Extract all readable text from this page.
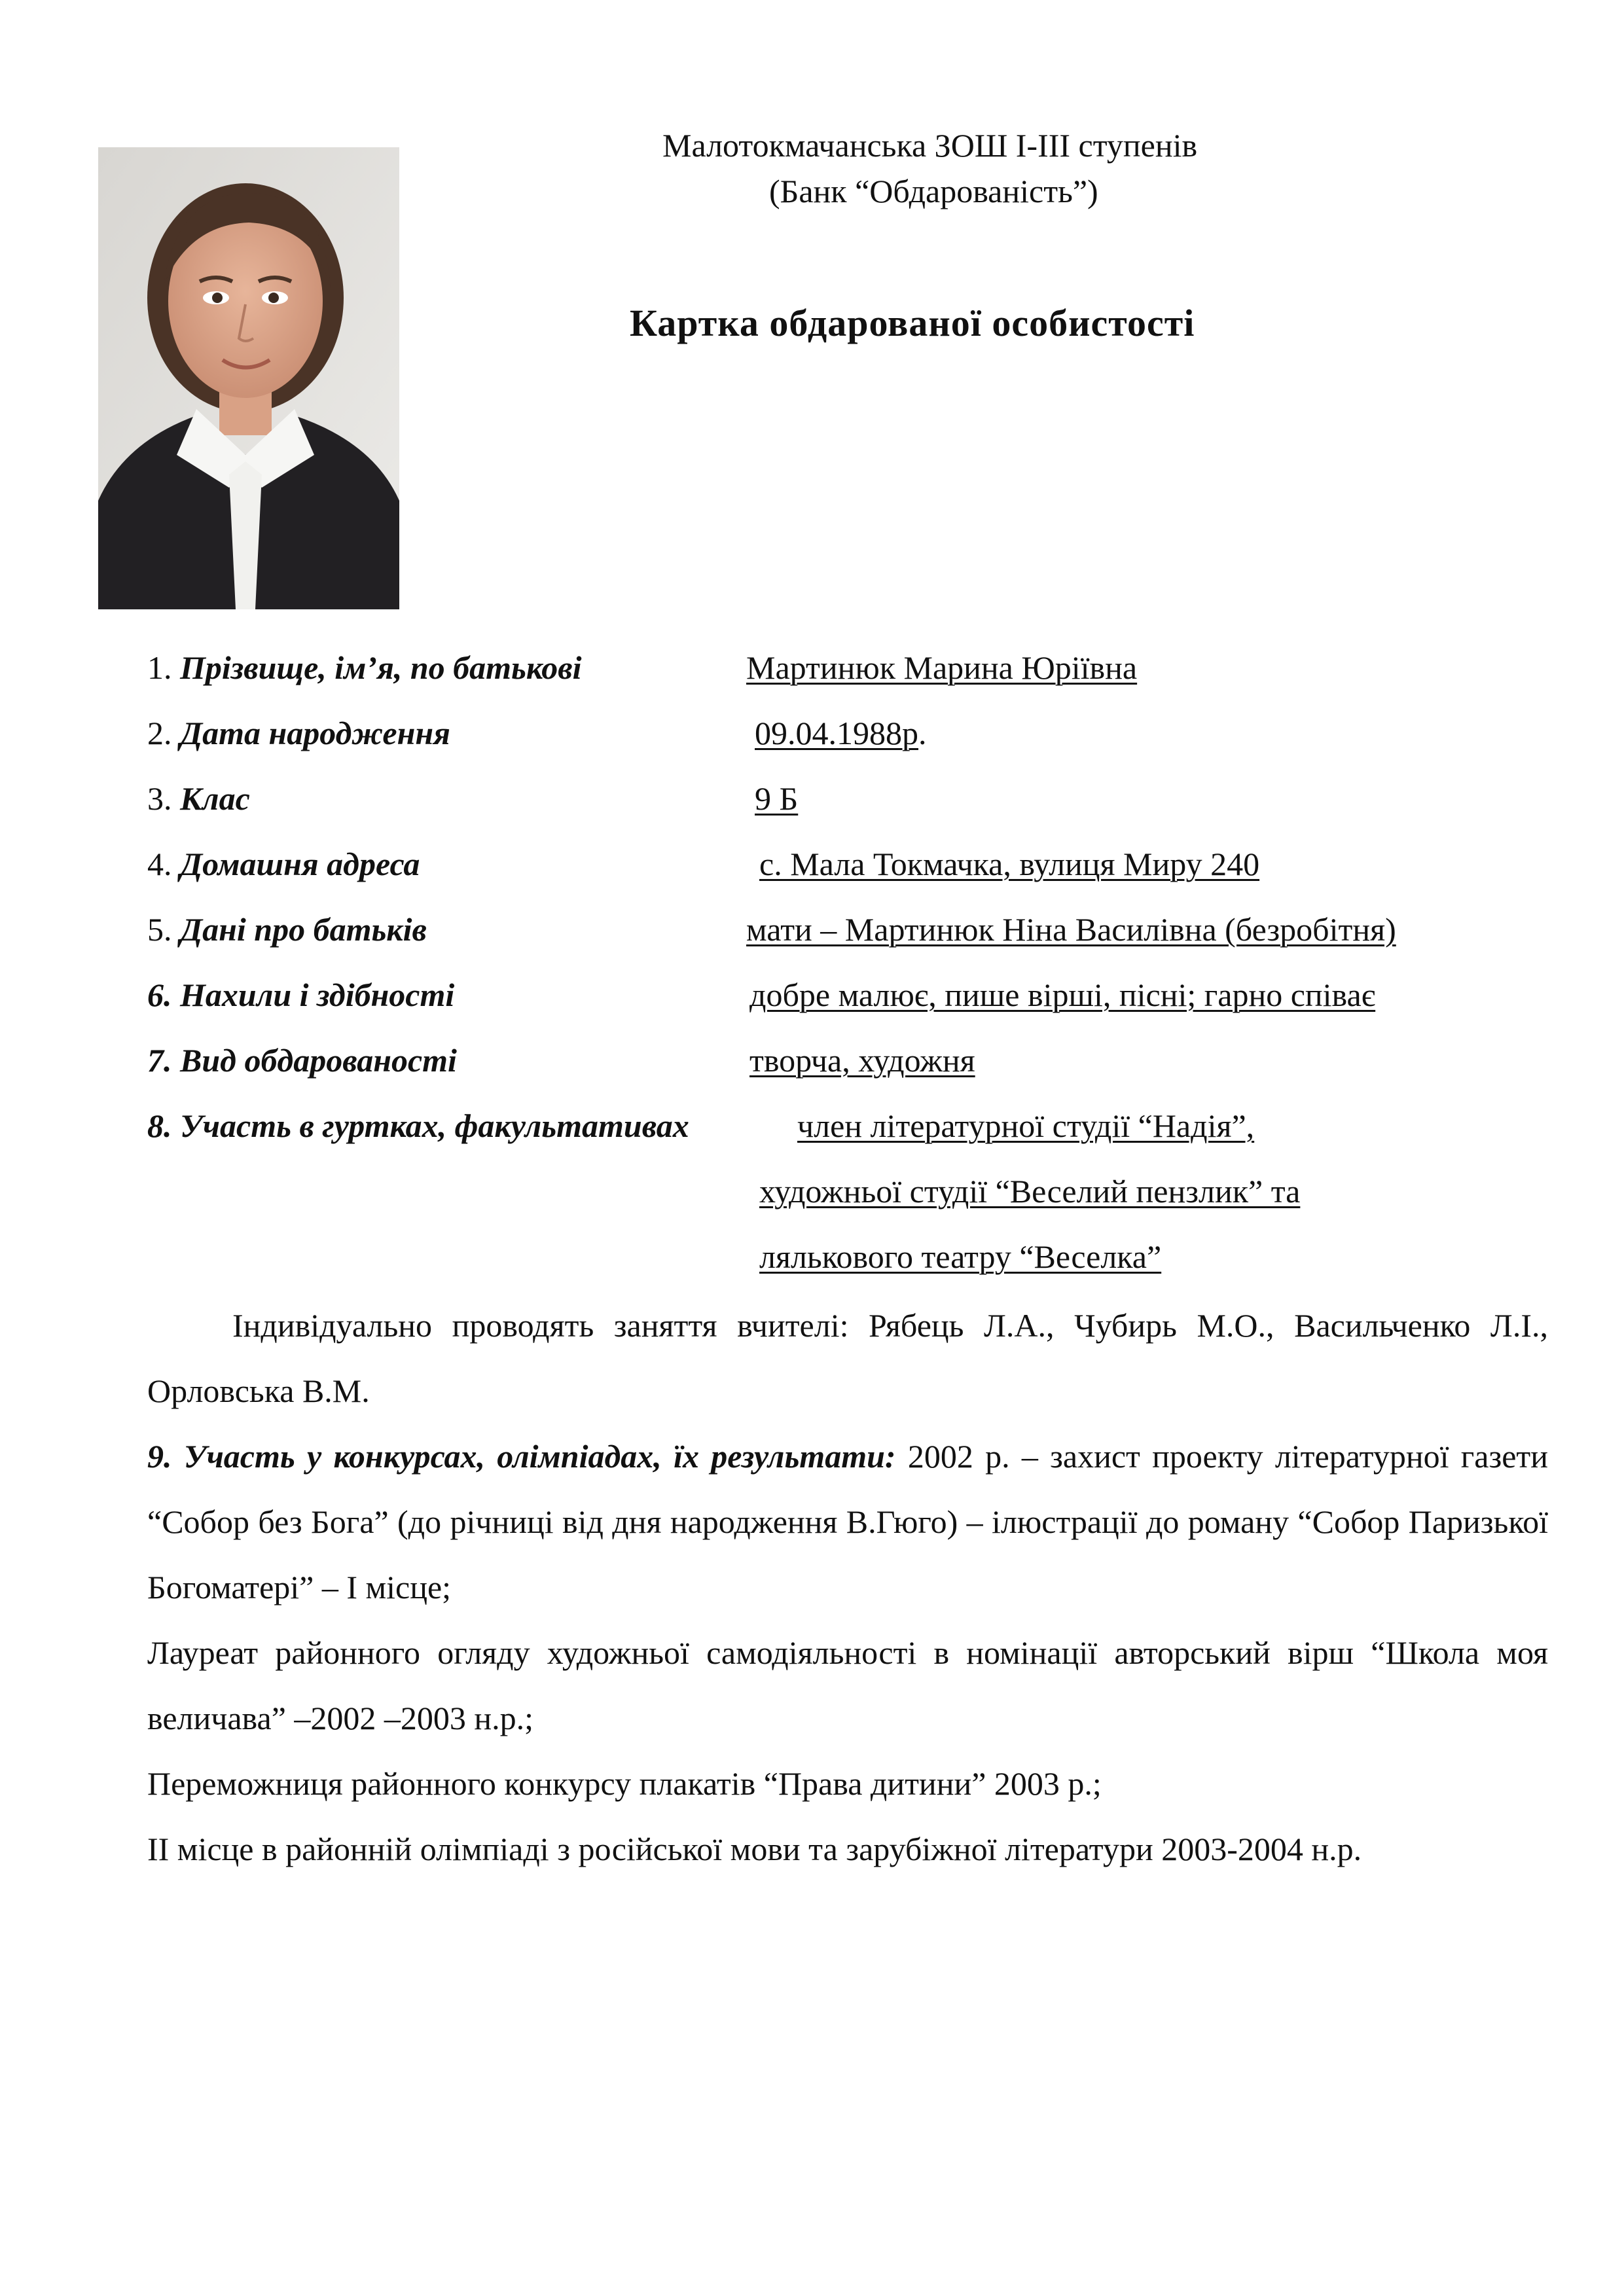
Малотокмачанська ЗОШ І-ІІІ ступенів
(Банк “Обдарованість”)
Картка обдарованої особистості
1. Прізвище, ім’я, по батькові	Мартинюк Марина Юріївна
2. Дата народження	09.04.1988р.
3. Клас	9 Б
4. Домашня адреса	с. Мала Токмачка, вулиця Миру 240
5. Дані про батьків	мати – Мартинюк Ніна Василівна (безробітня)
6. Нахили і здібності	добре малює, пише вірші, пісні; гарно співає
7. Вид обдарованості	творча, художня
8. Участь в гуртках, факультативах	член літературної студії “Надія”,
художньої студії “Веселий пензлик” та
лялькового театру “Веселка”
Індивідуально проводять заняття вчителі: Рябець Л.А., Чубирь М.О., Васильченко Л.І., Орловська В.М.
9. Участь у конкурсах, олімпіадах, їх результати: 2002 р. – захист проекту літературної газети “Собор без Бога” (до річниці від дня народження В.Гюго) – ілюстрації до роману “Собор Паризької Богоматері” – І місце;
Лауреат районного огляду художньої самодіяльності в номінації авторський вірш “Школа моя величава” –2002 –2003 н.р.;
Переможниця районного конкурсу плакатів “Права дитини” 2003 р.;
ІІ місце в районній олімпіаді з російської мови та зарубіжної літератури 2003-2004 н.р.
